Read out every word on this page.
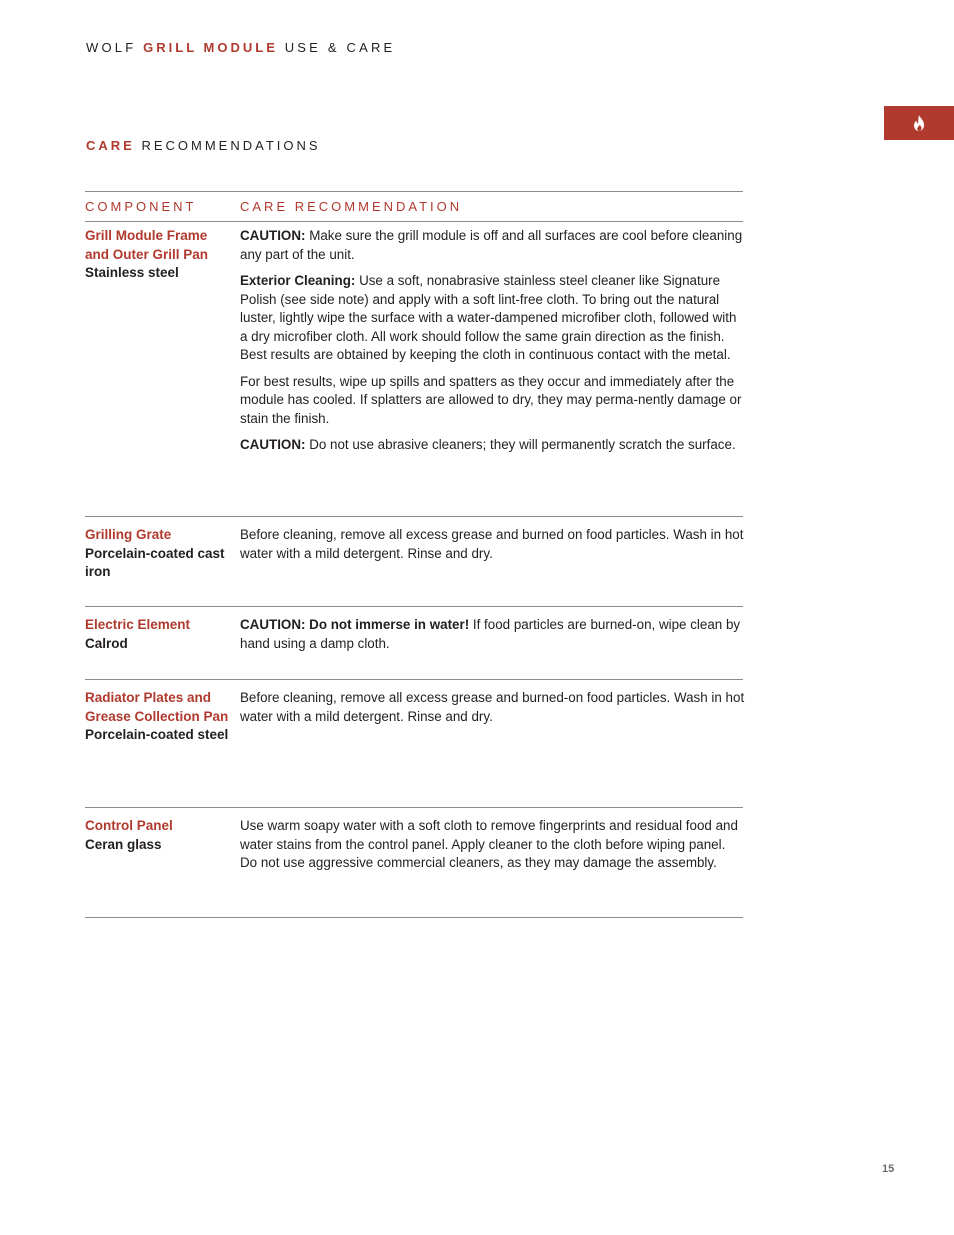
WOLF GRILL MODULE USE & CARE
CARE RECOMMENDATIONS
COMPONENT	CARE RECOMMENDATION
Grill Module Frame and Outer Grill Pan
Stainless steel

CAUTION: Make sure the grill module is off and all surfaces are cool before cleaning any part of the unit.

Exterior Cleaning: Use a soft, nonabrasive stainless steel cleaner like Signature Polish (see side note) and apply with a soft lint-free cloth. To bring out the natural luster, lightly wipe the surface with a water-dampened microfiber cloth, followed with a dry microfiber cloth. All work should follow the same grain direction as the finish. Best results are obtained by keeping the cloth in continuous contact with the metal.

For best results, wipe up spills and spatters as they occur and immediately after the module has cooled. If splatters are allowed to dry, they may perma-nently damage or stain the finish.

CAUTION: Do not use abrasive cleaners; they will permanently scratch the surface.

Grilling Grate
Porcelain-coated cast iron

Before cleaning, remove all excess grease and burned on food particles. Wash in hot water with a mild detergent. Rinse and dry.

Electric Element
Calrod

CAUTION: Do not immerse in water! If food particles are burned-on, wipe clean by hand using a damp cloth.

Radiator Plates and Grease Collection Pan
Porcelain-coated steel

Before cleaning, remove all excess grease and burned-on food particles. Wash in hot water with a mild detergent. Rinse and dry.

Control Panel
Ceran glass

Use warm soapy water with a soft cloth to remove fingerprints and residual food and water stains from the control panel. Apply cleaner to the cloth before wiping panel. Do not use aggressive commercial cleaners, as they may damage the assembly.

15
